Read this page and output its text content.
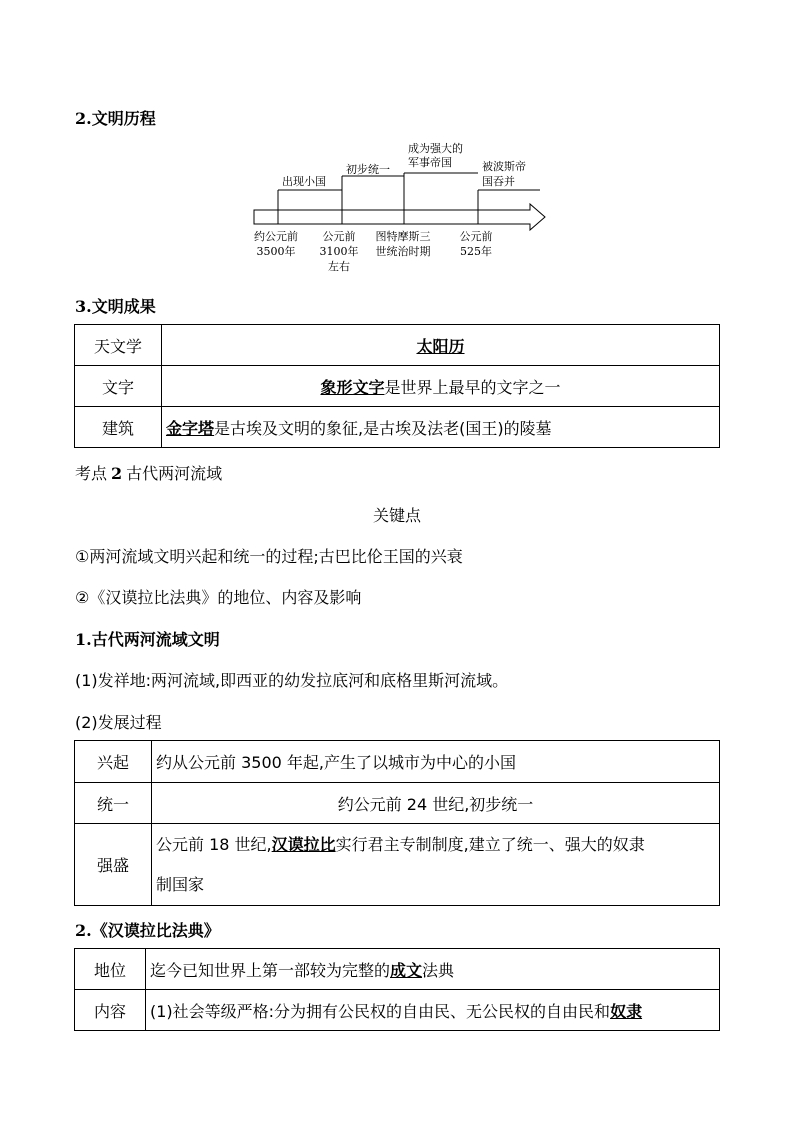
2.文明历程
出现小国
初步统一
成为强大的
军事帝国	被波斯帝
国吞并
约公元前
3500年
公元前
3100年
左右
图特摩斯三
世统治时期
公元前
525年
3.文明成果
天文学	太阳历
文字	象形文字是世界上最早的文字之一
建筑	金字塔是古埃及文明的象征,是古埃及法老(国王)的陵墓
考点 2 古代两河流域
关键点
①两河流域文明兴起和统一的过程;古巴比伦王国的兴衰
②《汉谟拉比法典》的地位、内容及影响
1.古代两河流域文明
(1)发祥地:两河流域,即西亚的幼发拉底河和底格里斯河流域。
(2)发展过程
兴起	约从公元前 3500 年起,产生了以城市为中心的小国
统一	约公元前 24 世纪,初步统一
强盛	公元前 18 世纪,汉谟拉比实行君主专制制度,建立了统一、强大的奴隶
制国家
2.《汉谟拉比法典》
地位	迄今已知世界上第一部较为完整的成文法典
内容	(1)社会等级严格:分为拥有公民权的自由民、无公民权的自由民和奴隶
